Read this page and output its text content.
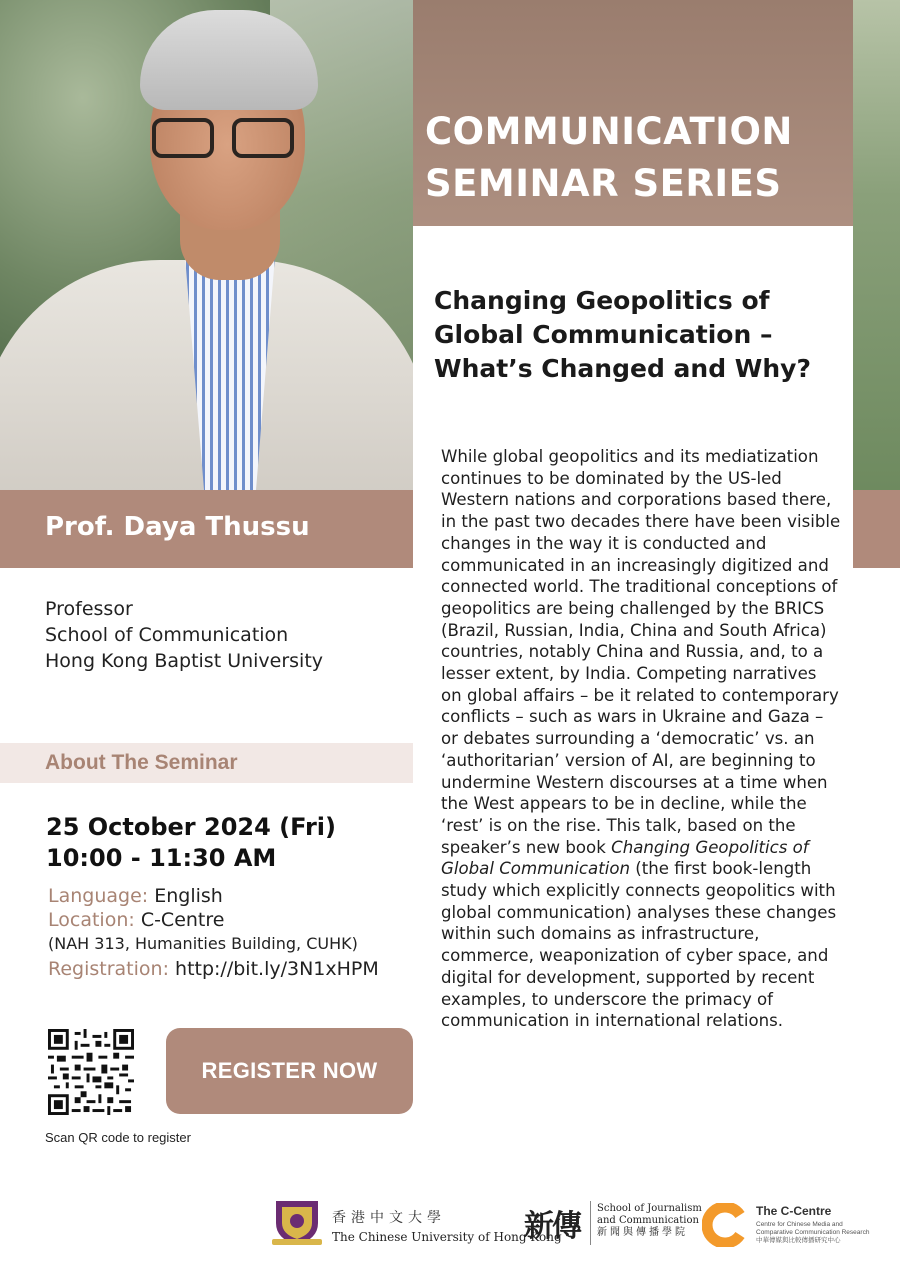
COMMUNICATION
SEMINAR SERIES
Changing Geopolitics of Global Communication – What’s Changed and Why?
Prof. Daya Thussu
Professor
School of Communication
Hong Kong Baptist University
About The Seminar
25 October 2024 (Fri)
10:00 - 11:30 AM
Language: English
Location: C-Centre
(NAH 313, Humanities Building, CUHK)
Registration: http://bit.ly/3N1xHPM
Scan QR code to register
REGISTER NOW

While global geopolitics and its mediatization continues to be dominated by the US-led Western nations and corporations based there, in the past two decades there have been visible changes in the way it is conducted and communicated in an increasingly digitized and connected world. The traditional conceptions of geopolitics are being challenged by the BRICS (Brazil, Russian, India, China and South Africa) countries, notably China and Russia, and, to a lesser extent, by India. Competing narratives on global affairs – be it related to contemporary conflicts – such as wars in Ukraine and Gaza – or debates surrounding a ‘democratic’ vs. an ‘authoritarian’ version of AI, are beginning to undermine Western discourses at a time when the West appears to be in decline, while the ‘rest’ is on the rise. This talk, based on the speaker’s new book Changing Geopolitics of Global Communication (the first book-length study which explicitly connects geopolitics with global communication) analyses these changes within such domains as infrastructure, commerce, weaponization of cyber space, and digital for development, supported by recent examples, to underscore the primacy of communication in international relations.

香港中文大學
The Chinese University of Hong Kong
新傳
School of Journalism
and Communication
新聞與傳播學院
The C-Centre
Centre for Chinese Media and
Comparative Communication Research
中華傳媒與比較傳播研究中心
